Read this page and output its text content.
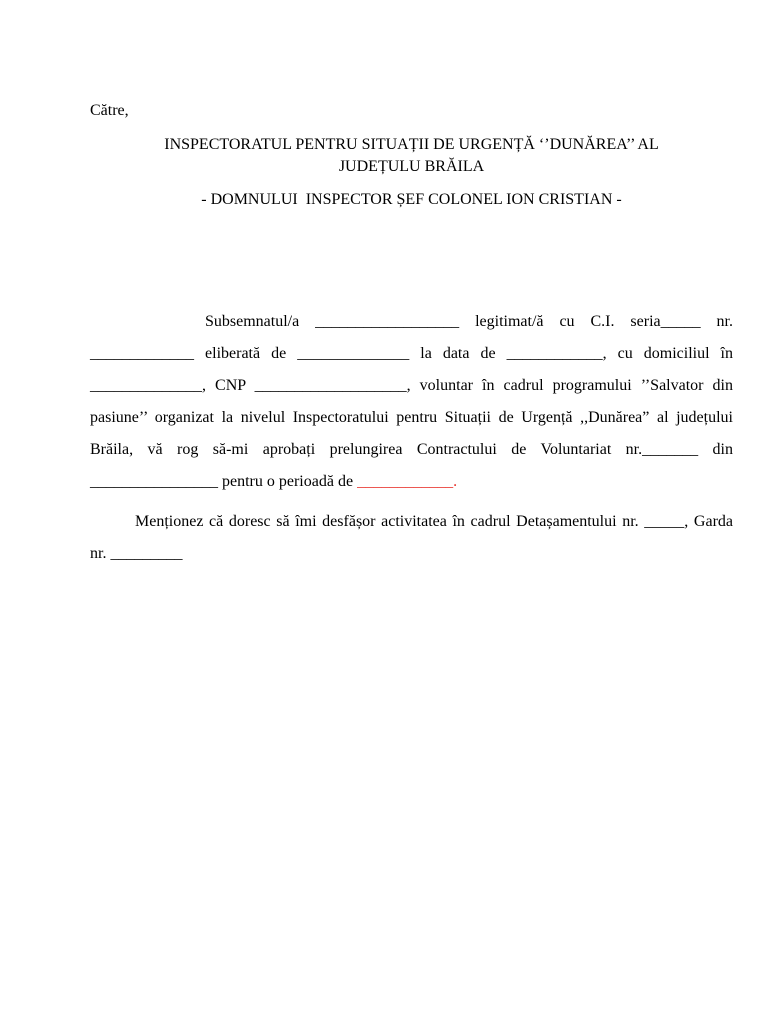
Către,
INSPECTORATUL PENTRU SITUAȚII DE URGENȚĂ ‘’DUNĂREA’’ AL
JUDEȚULU BRĂILA
- DOMNULUI  INSPECTOR ȘEF COLONEL ION CRISTIAN -

Subsemnatul/a __________________ legitimat/ă cu C.I. seria_____ nr. _____________ eliberată de ______________ la data de ____________, cu domiciliul în ______________, CNP ___________________, voluntar în cadrul programului ’’Salvator din pasiune’’ organizat la nivelul Inspectoratului pentru Situații de Urgență ,,Dunărea” al județului Brăila, vă rog să-mi aprobați prelungirea Contractului de Voluntariat nr._______ din ________________ pentru o perioadă de ____________.

Menționez că doresc să îmi desfășor activitatea în cadrul Detașamentului nr. _____, Garda nr. _________
